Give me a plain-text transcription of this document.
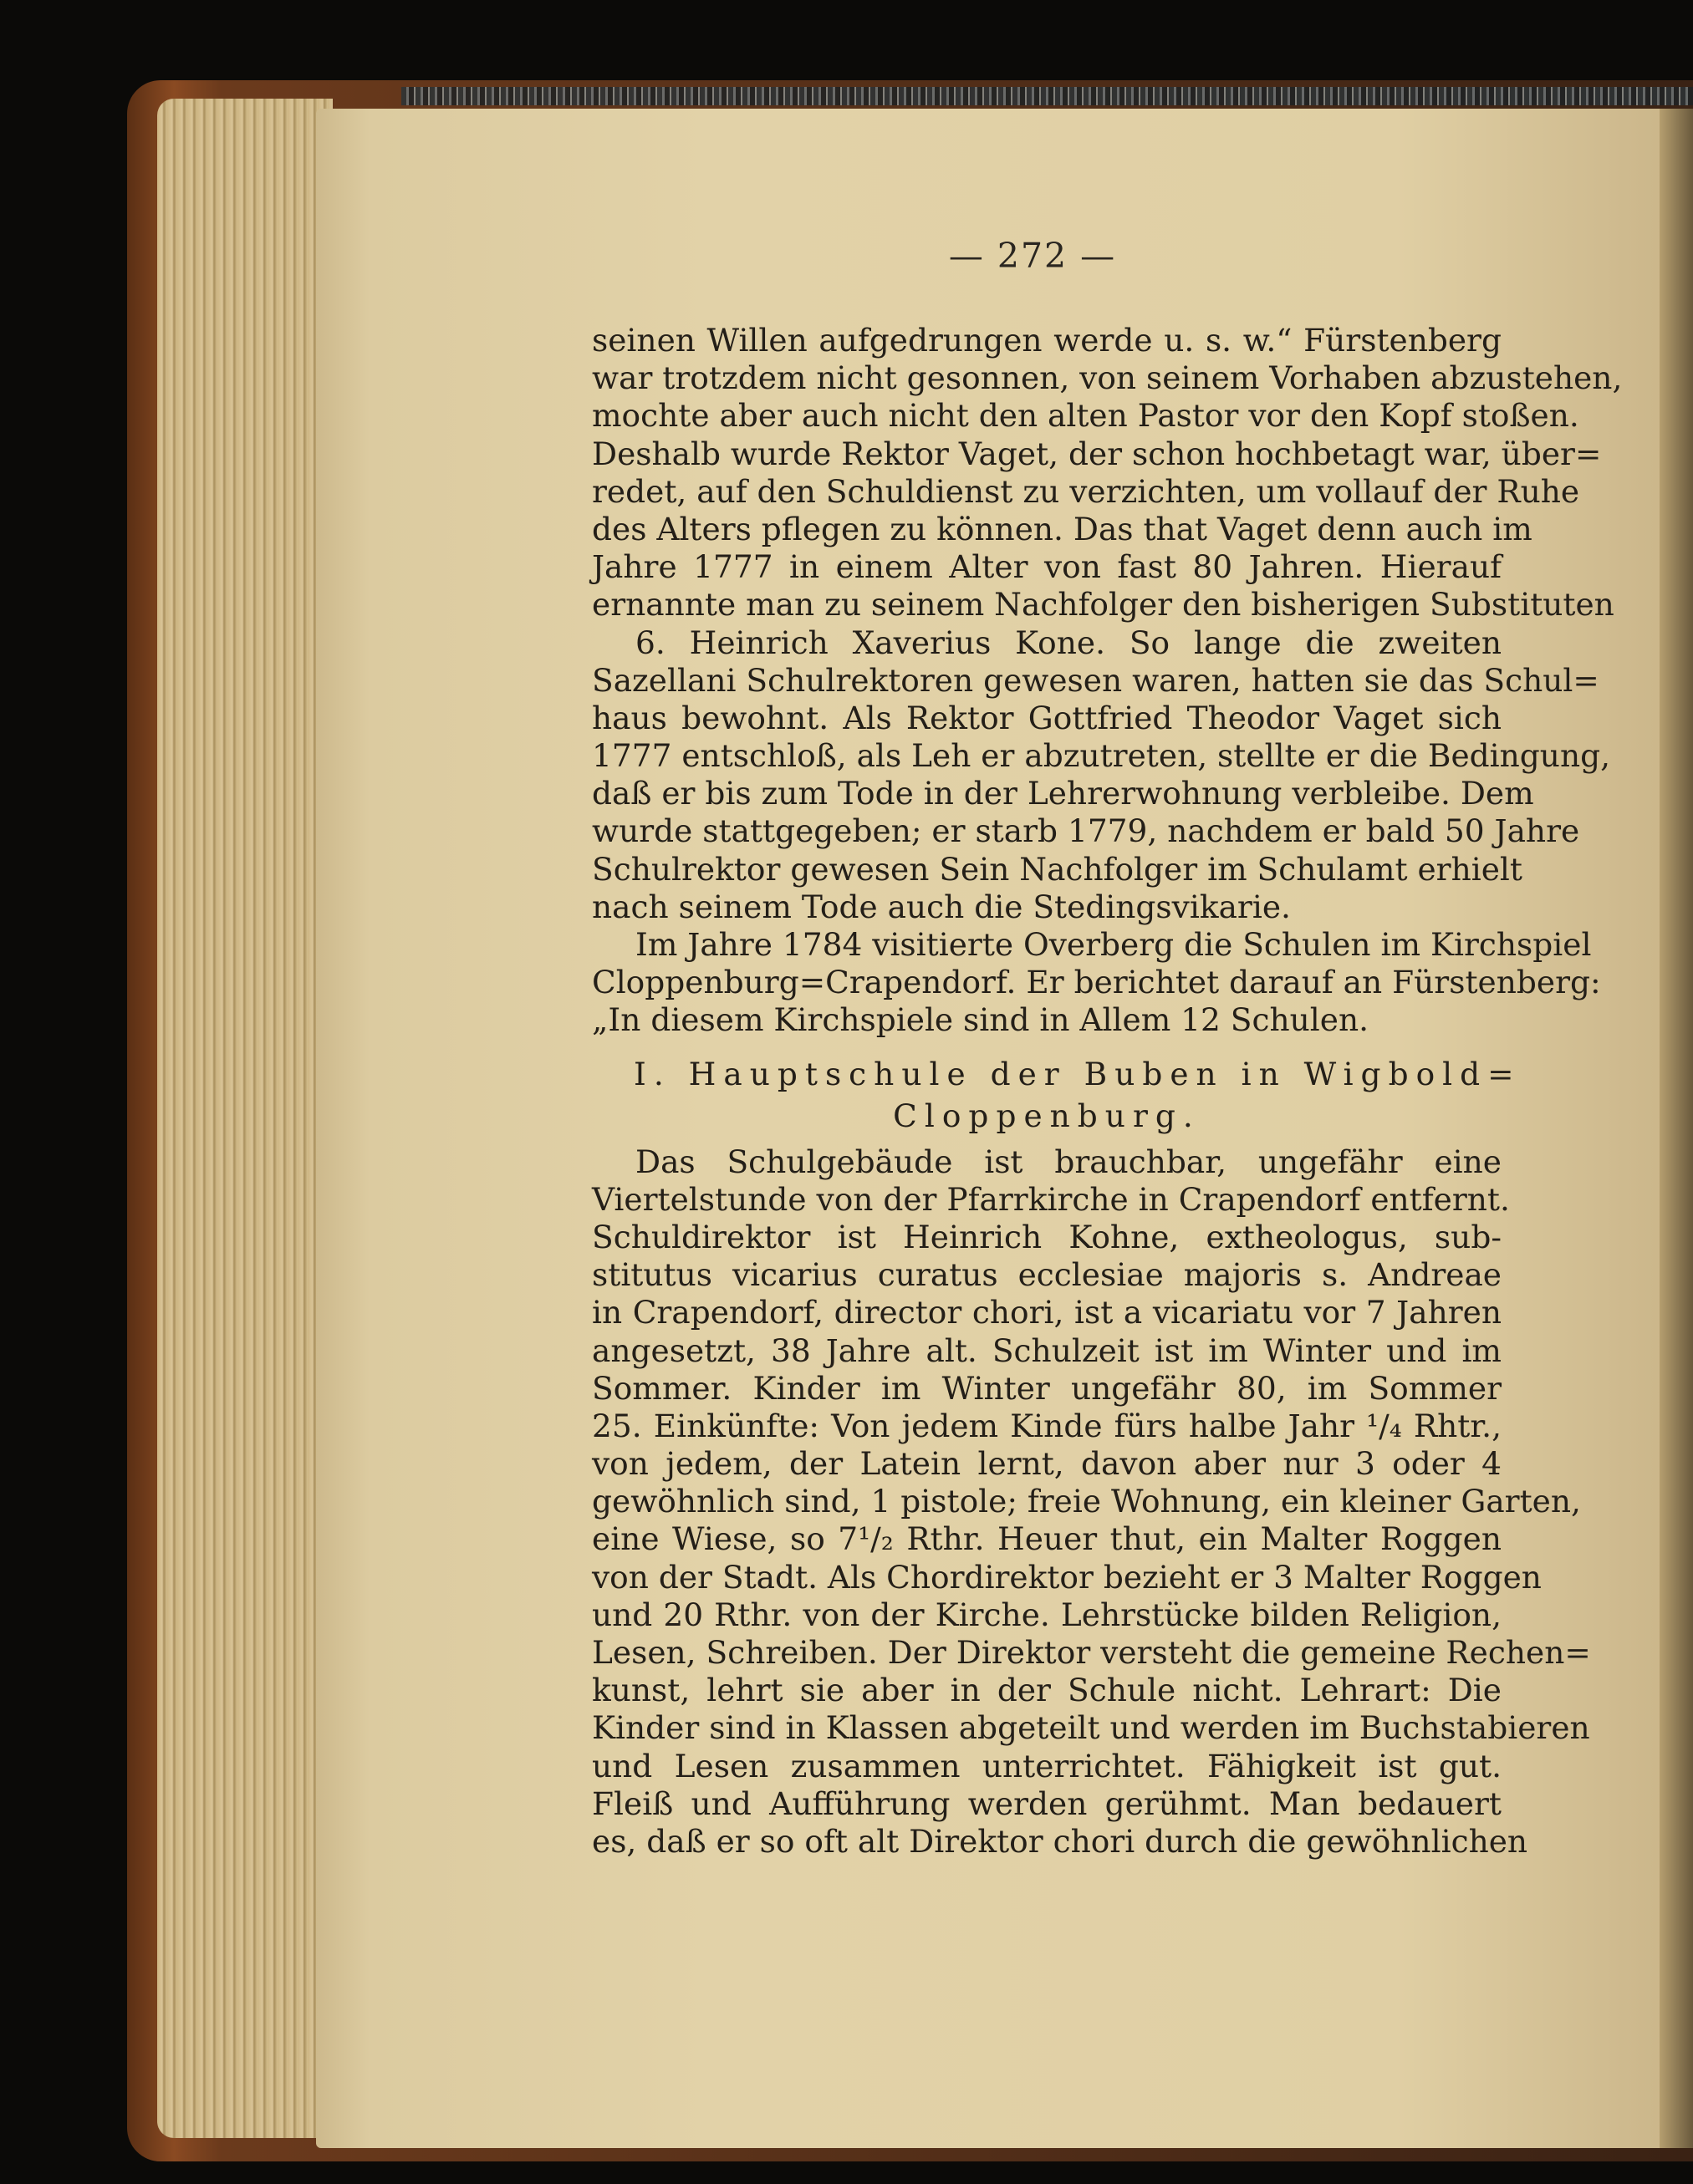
— 272 —
seinen Willen aufgedrungen werde u. s. w.“ Fürstenberg
war trotzdem nicht gesonnen, von seinem Vorhaben abzustehen,
mochte aber auch nicht den alten Pastor vor den Kopf stoßen.
Deshalb wurde Rektor Vaget, der schon hochbetagt war, über=
redet, auf den Schuldienst zu verzichten, um vollauf der Ruhe
des Alters pflegen zu können. Das that Vaget denn auch im
Jahre 1777 in einem Alter von fast 80 Jahren. Hierauf
ernannte man zu seinem Nachfolger den bisherigen Substituten
6. Heinrich Xaverius Kone. So lange die zweiten
Sazellani Schulrektoren gewesen waren, hatten sie das Schul=
haus bewohnt. Als Rektor Gottfried Theodor Vaget sich
1777 entschloß, als Leh er abzutreten, stellte er die Bedingung,
daß er bis zum Tode in der Lehrerwohnung verbleibe. Dem
wurde stattgegeben; er starb 1779, nachdem er bald 50 Jahre
Schulrektor gewesen Sein Nachfolger im Schulamt erhielt
nach seinem Tode auch die Stedingsvikarie.
Im Jahre 1784 visitierte Overberg die Schulen im Kirchspiel
Cloppenburg=Crapendorf. Er berichtet darauf an Fürstenberg:
„In diesem Kirchspiele sind in Allem 12 Schulen.
I. Hauptschule der Buben in Wigbold=
Cloppenburg.
Das Schulgebäude ist brauchbar, ungefähr eine
Viertelstunde von der Pfarrkirche in Crapendorf entfernt.
Schuldirektor ist Heinrich Kohne, extheologus, sub-
stitutus vicarius curatus ecclesiae majoris s. Andreae
in Crapendorf, director chori, ist a vicariatu vor 7 Jahren
angesetzt, 38 Jahre alt. Schulzeit ist im Winter und im
Sommer. Kinder im Winter ungefähr 80, im Sommer
25. Einkünfte: Von jedem Kinde fürs halbe Jahr ¹/₄ Rhtr.,
von jedem, der Latein lernt, davon aber nur 3 oder 4
gewöhnlich sind, 1 pistole; freie Wohnung, ein kleiner Garten,
eine Wiese, so 7¹/₂ Rthr. Heuer thut, ein Malter Roggen
von der Stadt. Als Chordirektor bezieht er 3 Malter Roggen
und 20 Rthr. von der Kirche. Lehrstücke bilden Religion,
Lesen, Schreiben. Der Direktor versteht die gemeine Rechen=
kunst, lehrt sie aber in der Schule nicht. Lehrart: Die
Kinder sind in Klassen abgeteilt und werden im Buchstabieren
und Lesen zusammen unterrichtet. Fähigkeit ist gut.
Fleiß und Aufführung werden gerühmt. Man bedauert
es, daß er so oft alt Direktor chori durch die gewöhnlichen
